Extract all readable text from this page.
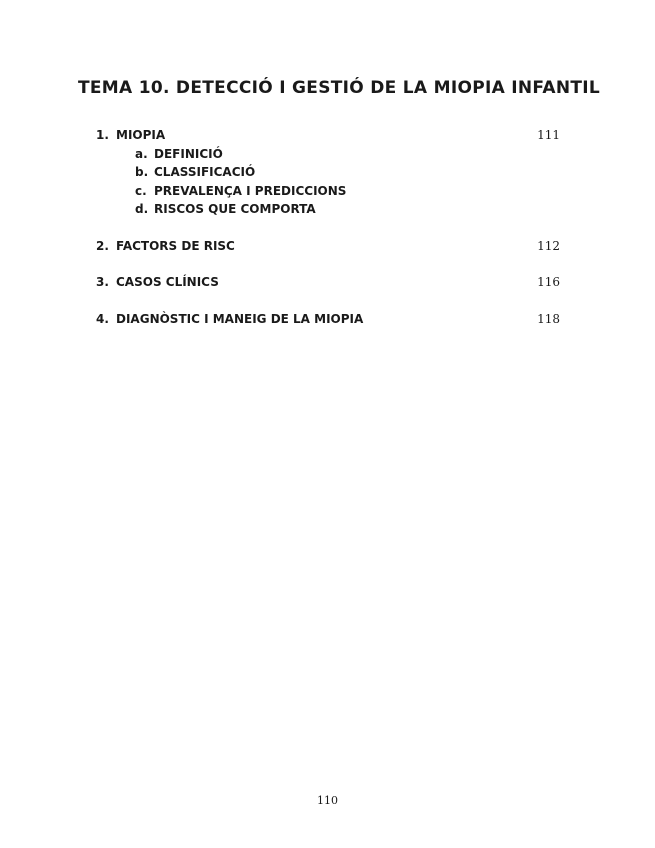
TEMA 10. DETECCIÓ I GESTIÓ DE LA MIOPIA INFANTIL
1. MIOPIA	111
a. DEFINICIÓ
b. CLASSIFICACIÓ
c. PREVALENÇA I PREDICCIONS
d. RISCOS QUE COMPORTA
2. FACTORS DE RISC	112
3. CASOS CLÍNICS	116
4. DIAGNÒSTIC I MANEIG DE LA MIOPIA	118
110
